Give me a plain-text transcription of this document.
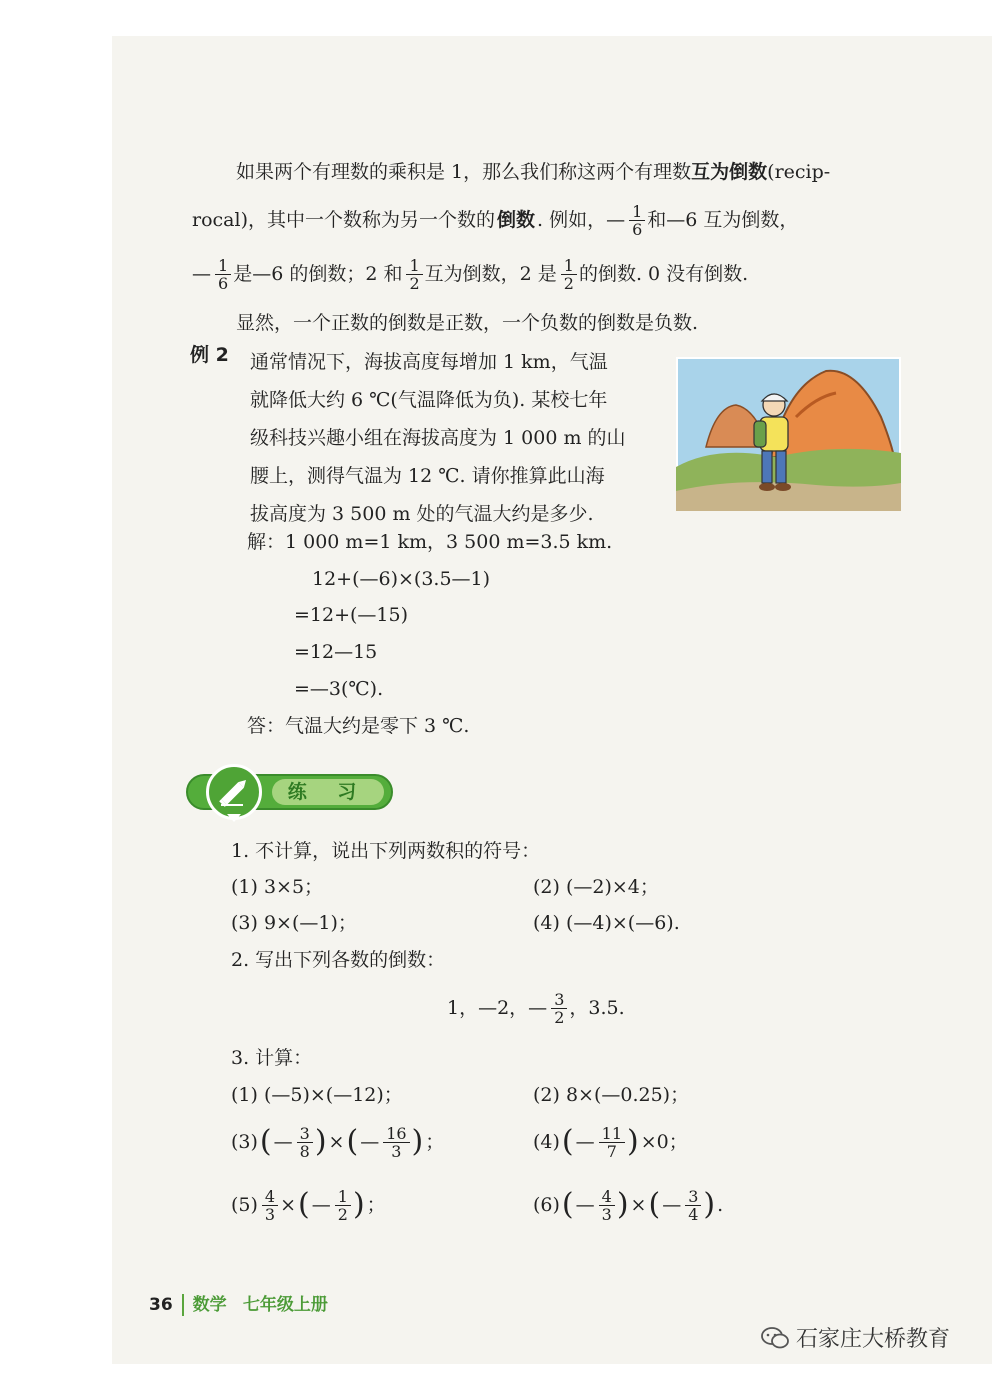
如果两个有理数的乘积是 1，那么我们称这两个有理数互为倒数(recip-
rocal)，其中一个数称为另一个数的 倒数 . 例如，— $\frac{1}{6}$ 和—6 互为倒数，
— $\frac{1}{6}$ 是—6 的倒数；2 和 $\frac{1}{2}$ 互为倒数，2 是 $\frac{1}{2}$ 的倒数. 0 没有倒数.
显然，一个正数的倒数是正数，一个负数的倒数是负数.
例 2 通常情况下，海拔高度每增加 1 km，气温
就降低大约 6 ℃(气温降低为负). 某校七年
级科技兴趣小组在海拔高度为 1 000 m 的山
腰上，测得气温为 12 ℃. 请你推算此山海
拔高度为 3 500 m 处的气温大约是多少.
解：1 000 m=1 km，3 500 m=3.5 km.
12+(—6)×(3.5—1)
=12+(—15)
=12—15
=—3(℃).
答：气温大约是零下 3 ℃.
练 习
1. 不计算，说出下列两数积的符号：
(1) 3×5；	(2) (—2)×4；
(3) 9×(—1)；	(4) (—4)×(—6).
2. 写出下列各数的倒数：
1，—2，— $\frac{3}{2}$ ，3.5.
3. 计算：
(1) (—5)×(—12)；	(2) 8×(—0.25)；
(3) ( — $\frac{3}{8}$ ) × ( — $\frac{16}{3}$ ) ；	(4) ( — $\frac{11}{7}$ ) ×0；
$(5) \frac{4}{3}$ × ( — $\frac{1}{2}$ ) ；	(6) ( — $\frac{4}{3}$ ) × ( — $\frac{3}{4}$ ) .
36 数学 七年级上册
石家庄大桥教育
